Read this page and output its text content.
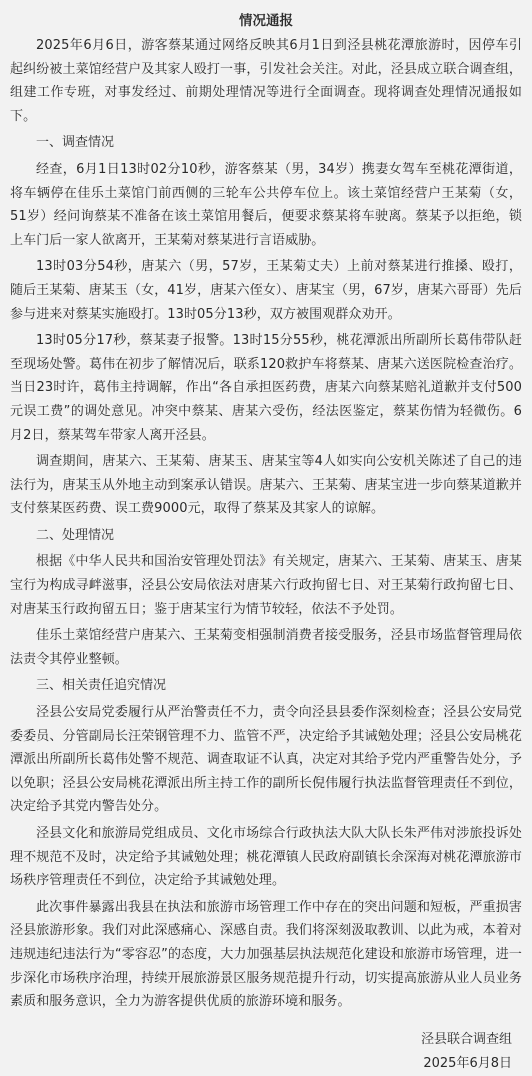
情况通报

2025年6月6日，游客蔡某通过网络反映其6月1日到泾县桃花潭旅游时，因停车引起纠纷被土菜馆经营户及其家人殴打一事，引发社会关注。对此，泾县成立联合调查组，组建工作专班，对事发经过、前期处理情况等进行全面调查。现将调查处理情况通报如下。

一、调查情况

经查，6月1日13时02分10秒，游客蔡某（男，34岁）携妻女驾车至桃花潭街道，将车辆停在佳乐土菜馆门前西侧的三轮车公共停车位上。该土菜馆经营户王某菊（女，51岁）经问询蔡某不准备在该土菜馆用餐后，便要求蔡某将车驶离。蔡某予以拒绝，锁上车门后一家人欲离开，王某菊对蔡某进行言语威胁。

13时03分54秒，唐某六（男，57岁，王某菊丈夫）上前对蔡某进行推搡、殴打，随后王某菊、唐某玉（女，41岁，唐某六侄女）、唐某宝（男，67岁，唐某六哥哥）先后参与进来对蔡某实施殴打。13时05分13秒，双方被围观群众劝开。

13时05分17秒，蔡某妻子报警。13时15分55秒，桃花潭派出所副所长葛伟带队赶至现场处警。葛伟在初步了解情况后，联系120救护车将蔡某、唐某六送医院检查治疗。当日23时许，葛伟主持调解，作出“各自承担医药费，唐某六向蔡某赔礼道歉并支付500元误工费”的调处意见。冲突中蔡某、唐某六受伤，经法医鉴定，蔡某伤情为轻微伤。6月2日，蔡某驾车带家人离开泾县。

调查期间，唐某六、王某菊、唐某玉、唐某宝等4人如实向公安机关陈述了自己的违法行为，唐某玉从外地主动到案承认错误。唐某六、王某菊、唐某宝进一步向蔡某道歉并支付蔡某医药费、误工费9000元，取得了蔡某及其家人的谅解。

二、处理情况

根据《中华人民共和国治安管理处罚法》有关规定，唐某六、王某菊、唐某玉、唐某宝行为构成寻衅滋事，泾县公安局依法对唐某六行政拘留七日、对王某菊行政拘留七日、对唐某玉行政拘留五日；鉴于唐某宝行为情节较轻，依法不予处罚。

佳乐土菜馆经营户唐某六、王某菊变相强制消费者接受服务，泾县市场监督管理局依法责令其停业整顿。

三、相关责任追究情况

泾县公安局党委履行从严治警责任不力，责令向泾县县委作深刻检查；泾县公安局党委委员、分管副局长汪荣钢管理不力、监管不严，决定给予其诫勉处理；泾县公安局桃花潭派出所副所长葛伟处警不规范、调查取证不认真，决定对其给予党内严重警告处分，予以免职；泾县公安局桃花潭派出所主持工作的副所长倪伟履行执法监督管理责任不到位，决定给予其党内警告处分。

泾县文化和旅游局党组成员、文化市场综合行政执法大队大队长朱严伟对涉旅投诉处理不规范不及时，决定给予其诫勉处理；桃花潭镇人民政府副镇长余深海对桃花潭旅游市场秩序管理责任不到位，决定给予其诫勉处理。

此次事件暴露出我县在执法和旅游市场管理工作中存在的突出问题和短板，严重损害泾县旅游形象。我们对此深感痛心、深感自责。我们将深刻汲取教训、以此为戒，本着对违规违纪违法行为“零容忍”的态度，大力加强基层执法规范化建设和旅游市场管理，进一步深化市场秩序治理，持续开展旅游景区服务规范提升行动，切实提高旅游从业人员业务素质和服务意识，全力为游客提供优质的旅游环境和服务。

泾县联合调查组
2025年6月8日
